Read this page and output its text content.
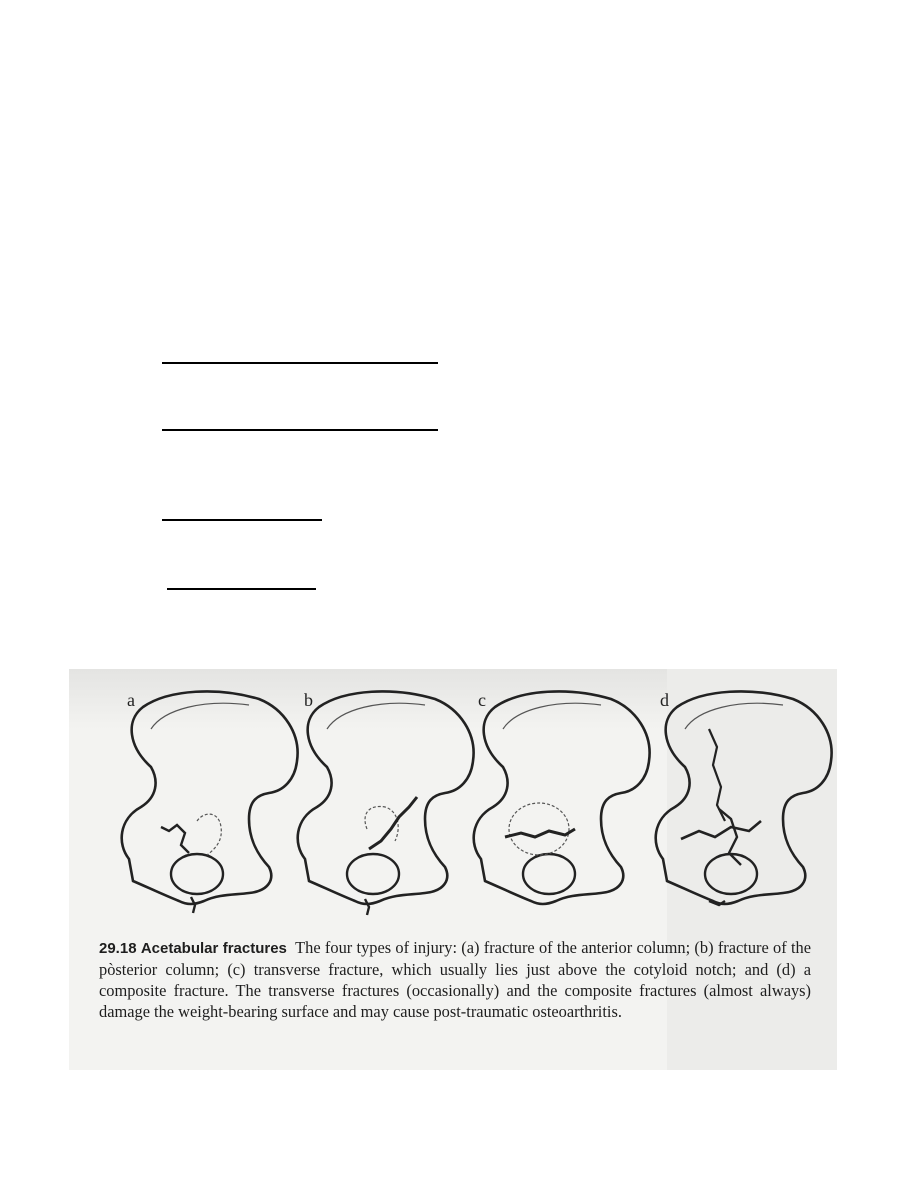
a	b	c	d
29.18 Acetabular fractures The four types of injury: (a) fracture of the anterior column; (b) fracture of the pòsterior column; (c) transverse fracture, which usually lies just above the cotyloid notch; and (d) a composite fracture. The transverse fractures (occasionally) and the composite fractures (almost always) damage the weight-bearing surface and may cause post-traumatic osteoarthritis.
